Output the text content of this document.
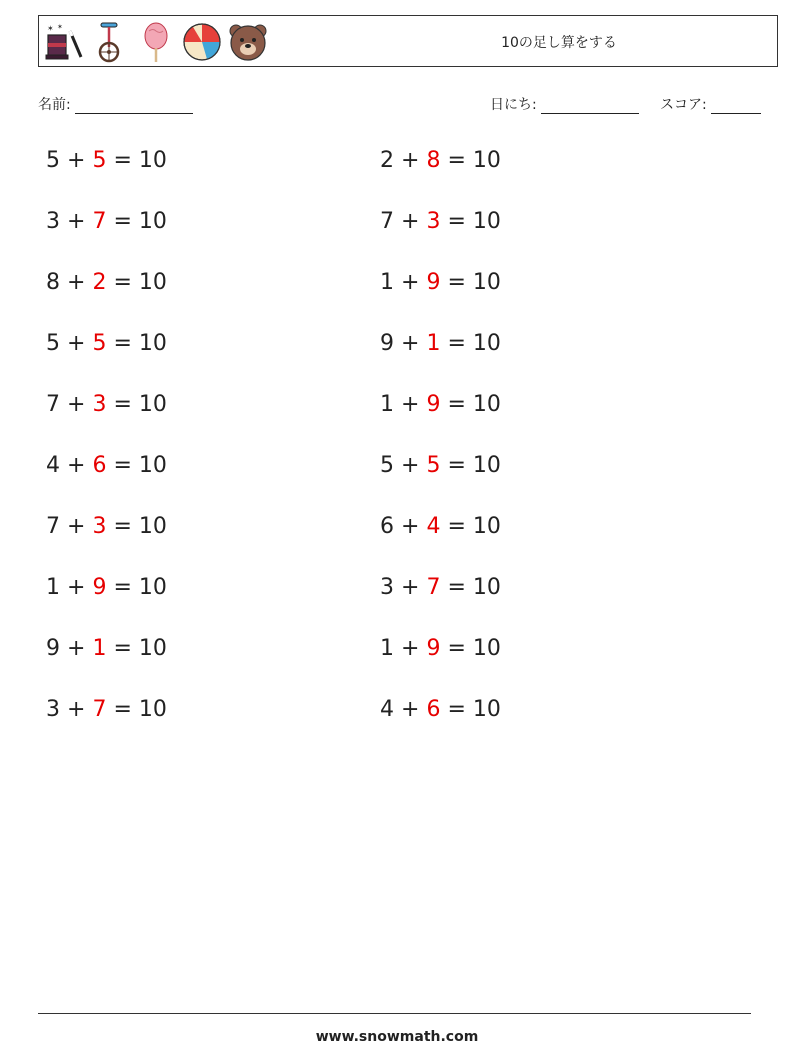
✶ ✶
10の足し算をする
名前:	日にち:	スコア:
5 + 5 = 10
3 + 7 = 10
8 + 2 = 10
5 + 5 = 10
7 + 3 = 10
4 + 6 = 10
7 + 3 = 10
1 + 9 = 10
9 + 1 = 10
3 + 7 = 10
2 + 8 = 10
7 + 3 = 10
1 + 9 = 10
9 + 1 = 10
1 + 9 = 10
5 + 5 = 10
6 + 4 = 10
3 + 7 = 10
1 + 9 = 10
4 + 6 = 10
www.snowmath.com
